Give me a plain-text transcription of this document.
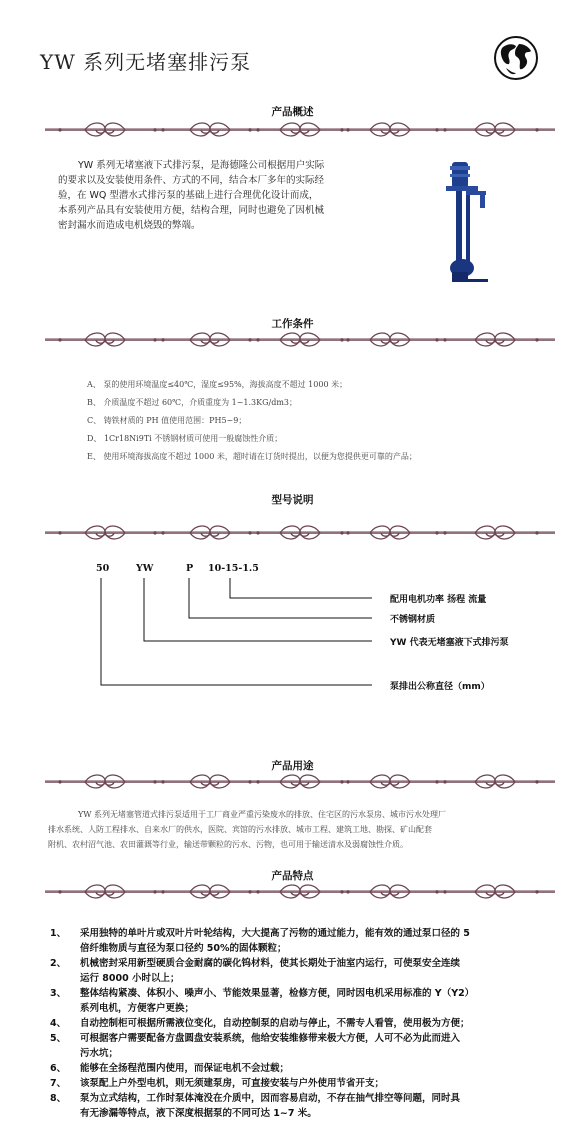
YW 系列无堵塞排污泵
产品概述
YW 系列无堵塞液下式排污泵，是海德隆公司根据用户实际
的要求以及安装使用条件、方式的不同，结合本厂多年的实际经
验，在 WQ 型潜水式排污泵的基础上进行合理优化设计而成，
本系列产品具有安装使用方便，结构合理，同时也避免了因机械
密封漏水而造成电机烧毁的弊端。
工作条件
A、 泵的使用环境温度≤40℃，湿度≤95%，海拔高度不超过 1000 米；
B、 介质温度不超过 60℃，介质重度为 1~1.3KG/dm3；
C、 铸铁材质的 PH 值使用范围：PH5~9；
D、 1Cr18Ni9Ti 不锈钢材质可使用一般腐蚀性介质；
E、 使用环境海拔高度不超过 1000 米，超时请在订货时提出，以便为您提供更可靠的产品；
型号说明
50	YW	P 10-15-1.5
配用电机功率 扬程 流量
不锈钢材质
YW 代表无堵塞液下式排污泵
泵排出公称直径（mm）
产品用途
YW 系列无堵塞管道式排污泵适用于工厂商业严重污染废水的排放、住宅区的污水泵房、城市污水处理厂
排水系统、人防工程排水、自来水厂的供水，医院、宾馆的污水排放、城市工程、建筑工地、勘探、矿山配套
附机、农村沼气池、农田灌溉等行业，输送带颗粒的污水、污物，也可用于输送清水及弱腐蚀性介质。
产品特点
1、 采用独特的单叶片或双叶片叶轮结构，大大提高了污物的通过能力，能有效的通过泵口径的 5
倍纤维物质与直径为泵口径约 50%的固体颗粒；
2、 机械密封采用新型硬质合金耐腐的碳化钨材料，使其长期处于油室内运行，可使泵安全连续
运行 8000 小时以上；
3、 整体结构紧凑、体积小、噪声小、节能效果显著，检修方便，同时因电机采用标准的 Y（Y2）
系列电机，方便客户更换；
4、 自动控制柜可根据所需液位变化，自动控制泵的启动与停止，不需专人看管，使用极为方便；
5、 可根据客户需要配备方盘圆盘安装系统，他给安装维修带来极大方便，人可不必为此而进入
污水坑；
6、 能够在全扬程范围内使用，而保证电机不会过载；
7、 该泵配上户外型电机，则无须建泵房，可直接安装与户外使用节省开支；
8、 泵为立式结构，工作时泵体淹没在介质中，因而容易启动，不存在抽气排空等问题，同时具
有无渗漏等特点，液下深度根据泵的不同可达 1~7 米。
